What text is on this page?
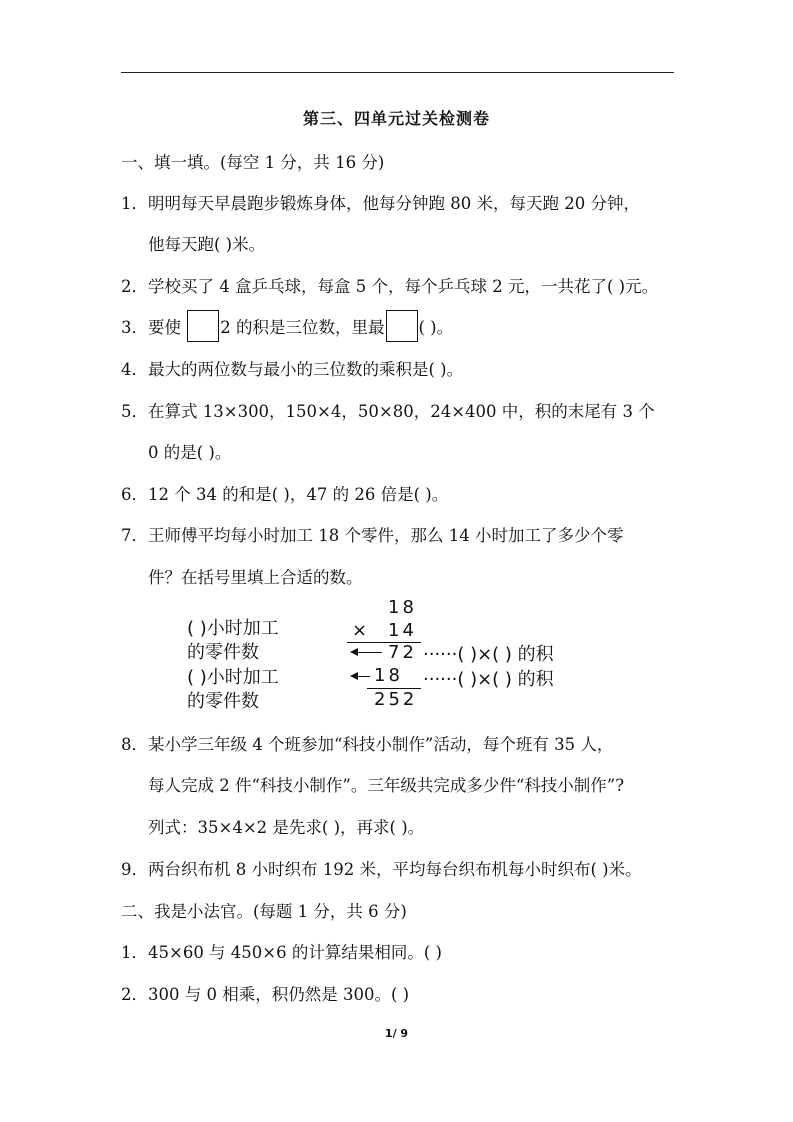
第三、四单元过关检测卷
一、填一填。(每空 1 分，共 16 分)
1．明明每天早晨跑步锻炼身体，他每分钟跑 80 米，每天跑 20 分钟，
他每天跑( )米。
2．学校买了 4 盒乒乓球，每盒 5 个，每个乒乓球 2 元，一共花了( )元。
3．要使 2 的积是三位数，里最 ( )。
4．最大的两位数与最小的三位数的乘积是( )。
5．在算式 13×300，150×4，50×80，24×400 中，积的末尾有 3 个
0 的是( )。
6．12 个 34 的和是( )，47 的 26 倍是( )。
7．王师傅平均每小时加工 18 个零件，那么 14 小时加工了多少个零
件？在括号里填上合适的数。
( )小时加工
的零件数
( )小时加工
的零件数
18
× 14
72 ······( )×( ) 的积
18 ······( )×( ) 的积
252
8．某小学三年级 4 个班参加“科技小制作”活动，每个班有 35 人，
每人完成 2 件“科技小制作”。三年级共完成多少件“科技小制作”?
列式：35×4×2 是先求( )，再求( )。
9．两台织布机 8 小时织布 192 米，平均每台织布机每小时织布( )米。
二、我是小法官。(每题 1 分，共 6 分)
1．45×60 与 450×6 的计算结果相同。( )
2．300 与 0 相乘，积仍然是 300。( )
1/ 9
